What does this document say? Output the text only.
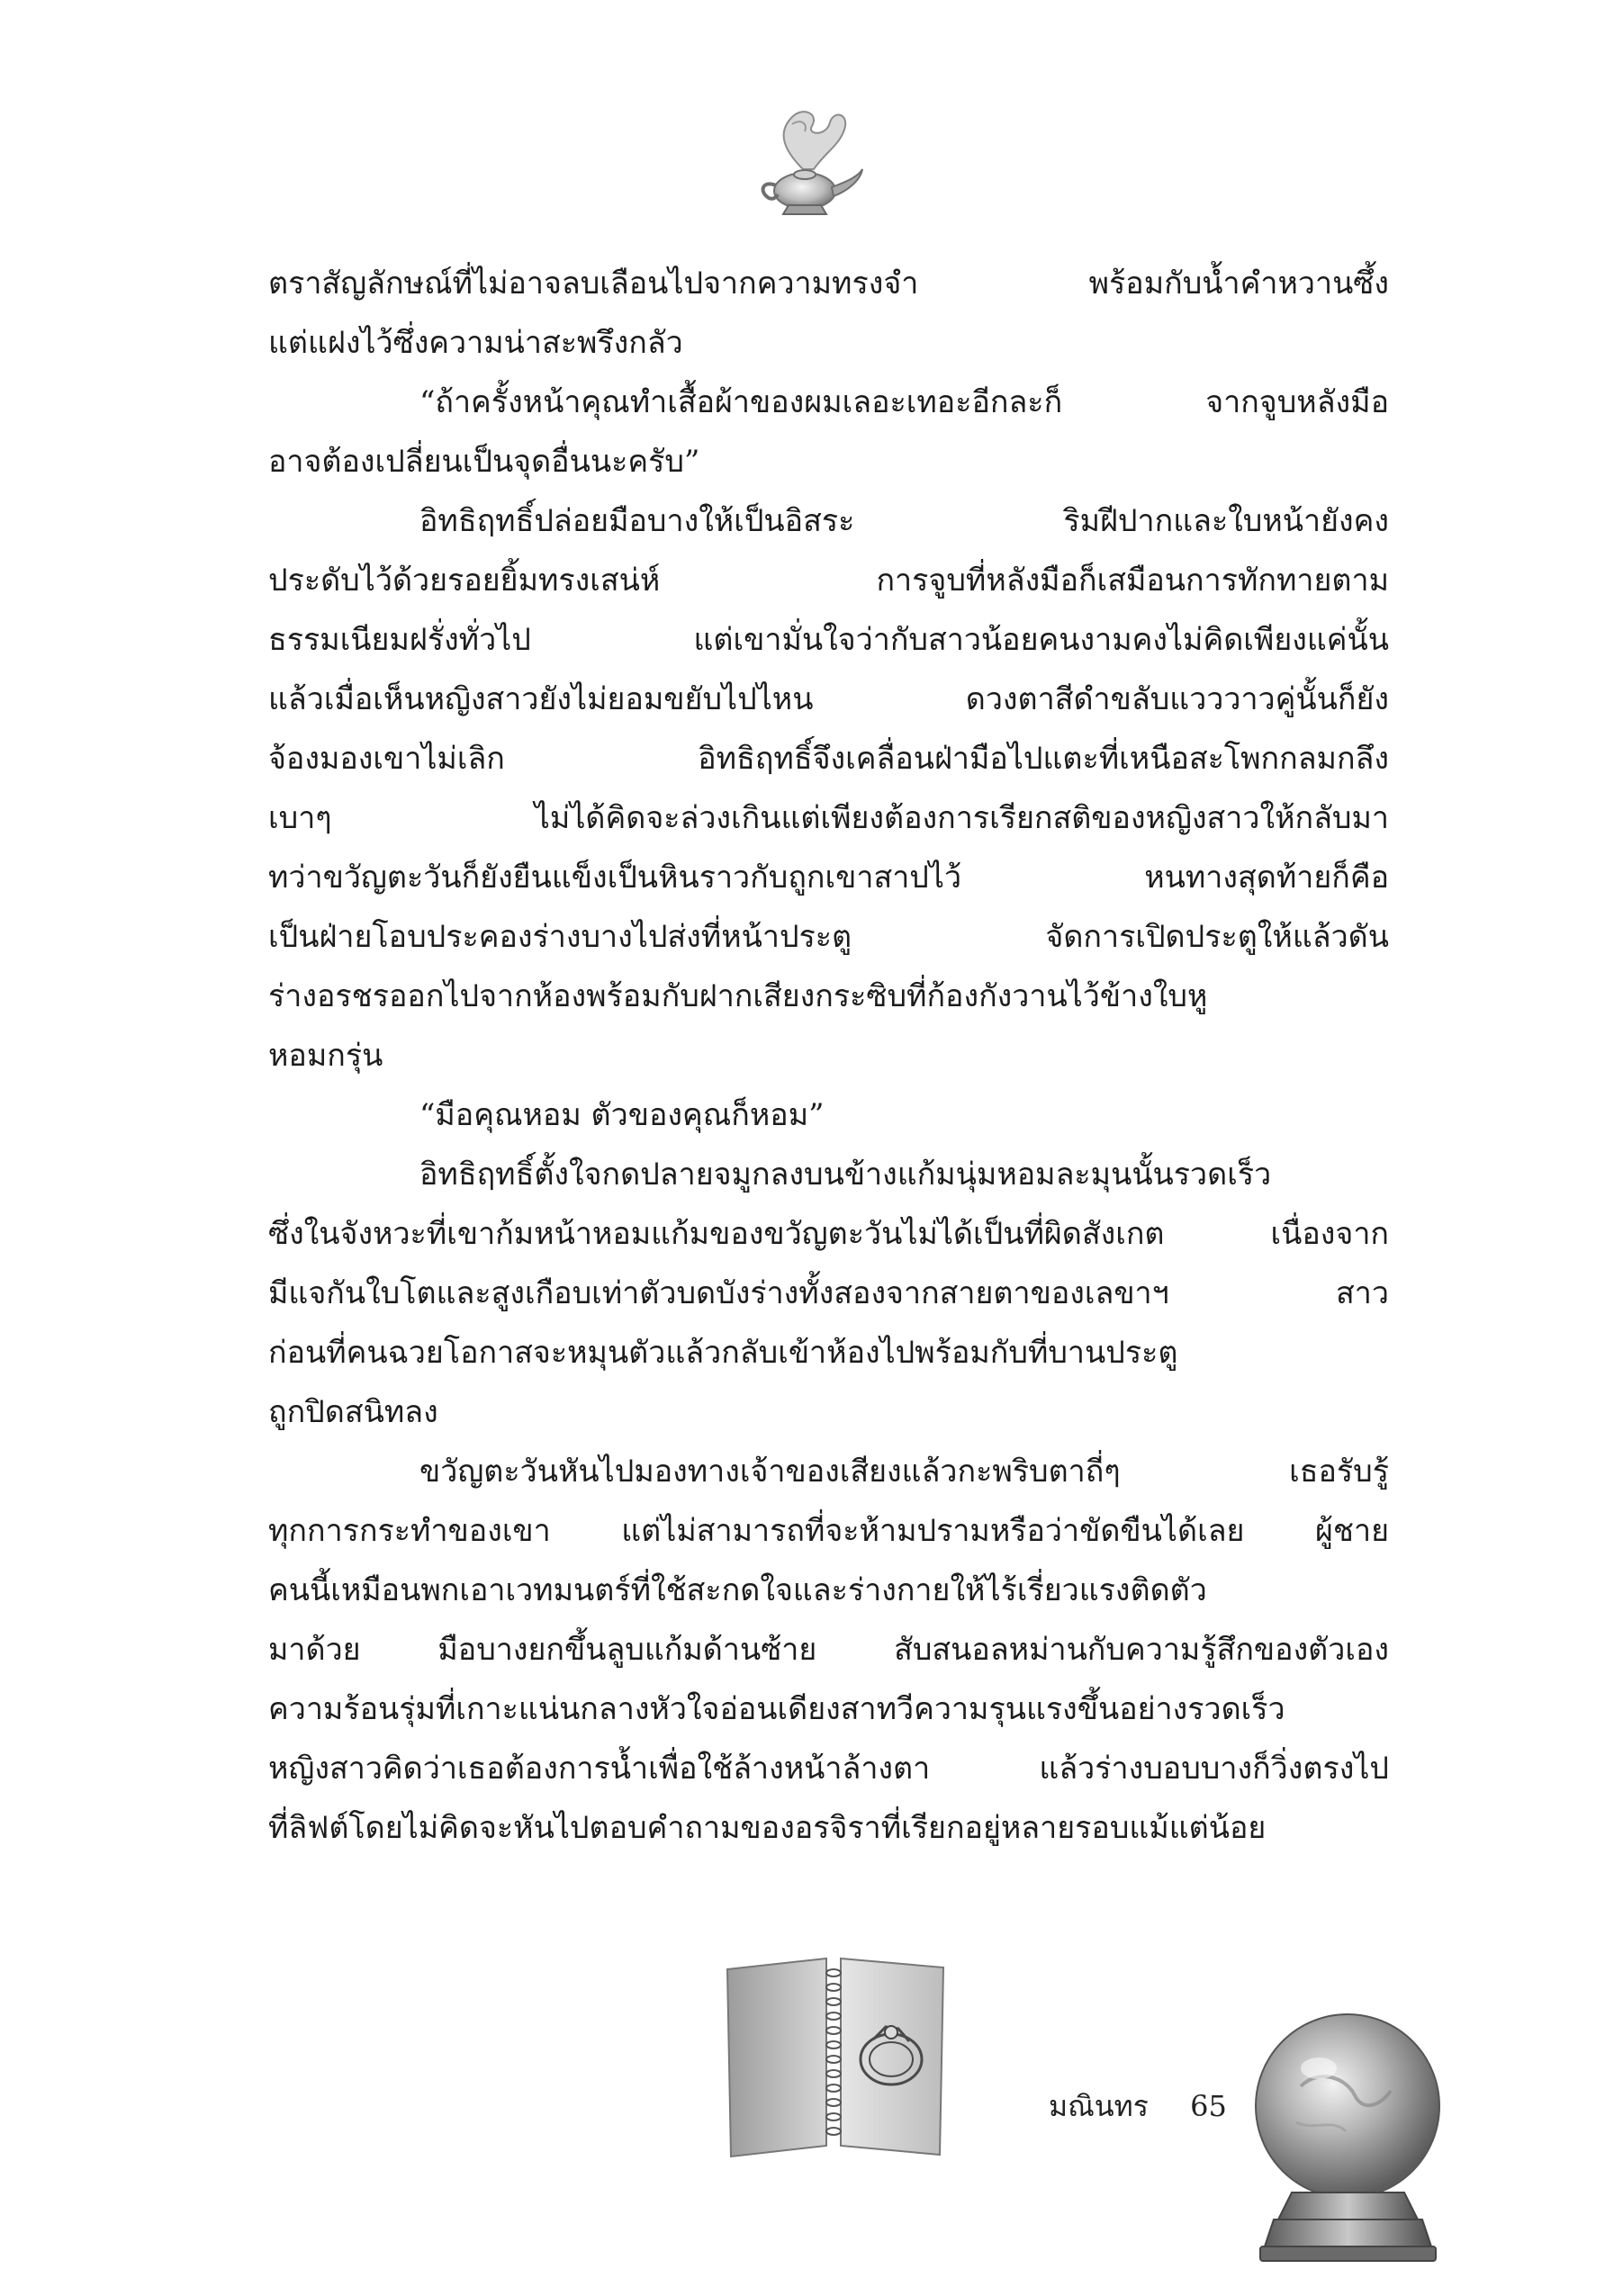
ตราสัญลักษณ์ที่ไม่อาจลบเลือนไปจากความทรงจำ พร้อมกับน้ำคำหวานซึ้ง
แต่แฝงไว้ซึ่งความน่าสะพรึงกลัว
“ถ้าครั้งหน้าคุณทำเสื้อผ้าของผมเลอะเทอะอีกละก็ จากจูบหลังมือ
อาจต้องเปลี่ยนเป็นจุดอื่นนะครับ”
อิทธิฤทธิ์ปล่อยมือบางให้เป็นอิสระ ริมฝีปากและใบหน้ายังคง
ประดับไว้ด้วยรอยยิ้มทรงเสน่ห์ การจูบที่หลังมือก็เสมือนการทักทายตาม
ธรรมเนียมฝรั่งทั่วไป แต่เขามั่นใจว่ากับสาวน้อยคนงามคงไม่คิดเพียงแค่นั้น
แล้วเมื่อเห็นหญิงสาวยังไม่ยอมขยับไปไหน ดวงตาสีดำขลับแวววาวคู่นั้นก็ยัง
จ้องมองเขาไม่เลิก อิทธิฤทธิ์จึงเคลื่อนฝ่ามือไปแตะที่เหนือสะโพกกลมกลึง
เบาๆ ไม่ได้คิดจะล่วงเกินแต่เพียงต้องการเรียกสติของหญิงสาวให้กลับมา
ทว่าขวัญตะวันก็ยังยืนแข็งเป็นหินราวกับถูกเขาสาปไว้ หนทางสุดท้ายก็คือ
เป็นฝ่ายโอบประคองร่างบางไปส่งที่หน้าประตู จัดการเปิดประตูให้แล้วดัน
ร่างอรชรออกไปจากห้องพร้อมกับฝากเสียงกระซิบที่ก้องกังวานไว้ข้างใบหู
หอมกรุ่น
“มือคุณหอม ตัวของคุณก็หอม”
อิทธิฤทธิ์ตั้งใจกดปลายจมูกลงบนข้างแก้มนุ่มหอมละมุนนั้นรวดเร็ว
ซึ่งในจังหวะที่เขาก้มหน้าหอมแก้มของขวัญตะวันไม่ได้เป็นที่ผิดสังเกต เนื่องจาก
มีแจกันใบโตและสูงเกือบเท่าตัวบดบังร่างทั้งสองจากสายตาของเลขาฯ สาว
ก่อนที่คนฉวยโอกาสจะหมุนตัวแล้วกลับเข้าห้องไปพร้อมกับที่บานประตู
ถูกปิดสนิทลง
ขวัญตะวันหันไปมองทางเจ้าของเสียงแล้วกะพริบตาถี่ๆ เธอรับรู้
ทุกการกระทำของเขา แต่ไม่สามารถที่จะห้ามปรามหรือว่าขัดขืนได้เลย ผู้ชาย
คนนี้เหมือนพกเอาเวทมนตร์ที่ใช้สะกดใจและร่างกายให้ไร้เรี่ยวแรงติดตัว
มาด้วย มือบางยกขึ้นลูบแก้มด้านซ้าย สับสนอลหม่านกับความรู้สึกของตัวเอง
ความร้อนรุ่มที่เกาะแน่นกลางหัวใจอ่อนเดียงสาทวีความรุนแรงขึ้นอย่างรวดเร็ว
หญิงสาวคิดว่าเธอต้องการน้ำเพื่อใช้ล้างหน้าล้างตา แล้วร่างบอบบางก็วิ่งตรงไป
ที่ลิฟต์โดยไม่คิดจะหันไปตอบคำถามของอรจิราที่เรียกอยู่หลายรอบแม้แต่น้อย
มณินทร 65
